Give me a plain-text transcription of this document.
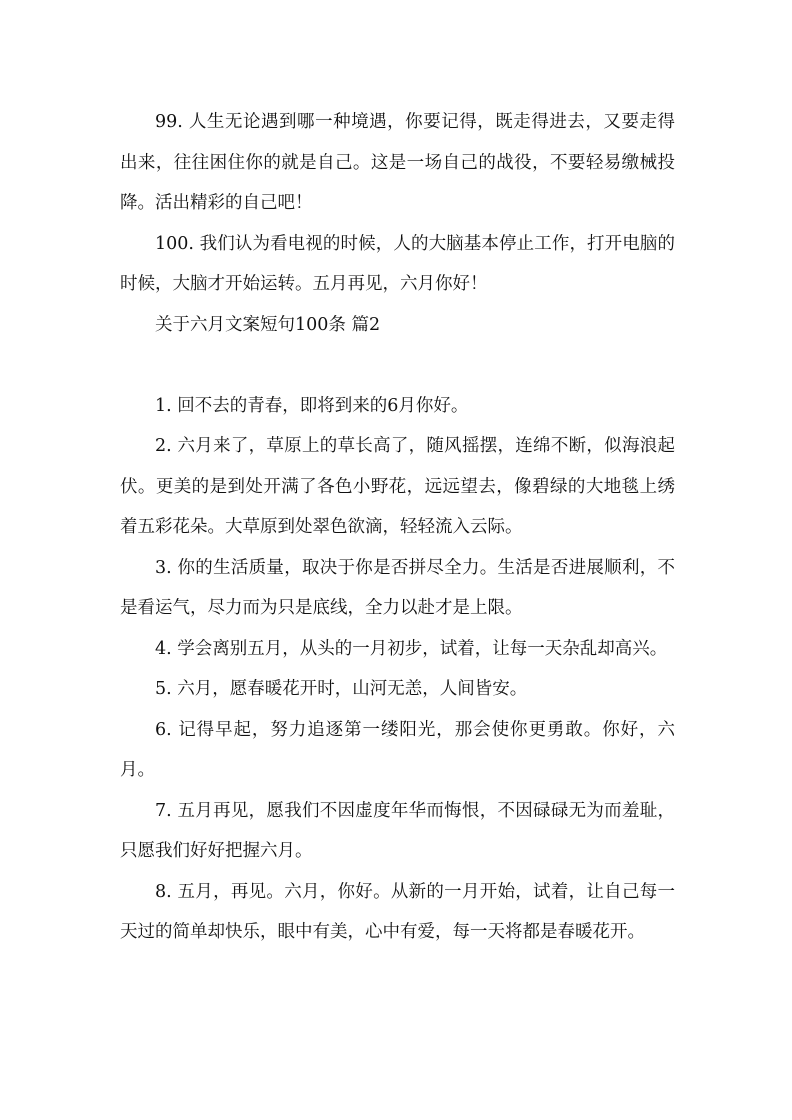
99. 人生无论遇到哪一种境遇，你要记得，既走得进去，又要走得出来，往往困住你的就是自己。这是一场自己的战役，不要轻易缴械投降。活出精彩的自己吧！

100. 我们认为看电视的时候，人的大脑基本停止工作，打开电脑的时候，大脑才开始运转。五月再见，六月你好！

关于六月文案短句100条 篇2

1. 回不去的青春，即将到来的6月你好。

2. 六月来了，草原上的草长高了，随风摇摆，连绵不断，似海浪起伏。更美的是到处开满了各色小野花，远远望去，像碧绿的大地毯上绣着五彩花朵。大草原到处翠色欲滴，轻轻流入云际。

3. 你的生活质量，取决于你是否拼尽全力。生活是否进展顺利，不是看运气，尽力而为只是底线，全力以赴才是上限。

4. 学会离别五月，从头的一月初步，试着，让每一天杂乱却高兴。

5. 六月，愿春暖花开时，山河无恙，人间皆安。

6. 记得早起，努力追逐第一缕阳光，那会使你更勇敢。你好，六月。

7. 五月再见，愿我们不因虚度年华而悔恨，不因碌碌无为而羞耻，只愿我们好好把握六月。

8. 五月，再见。六月，你好。从新的一月开始，试着，让自己每一天过的简单却快乐，眼中有美，心中有爱，每一天将都是春暖花开。
